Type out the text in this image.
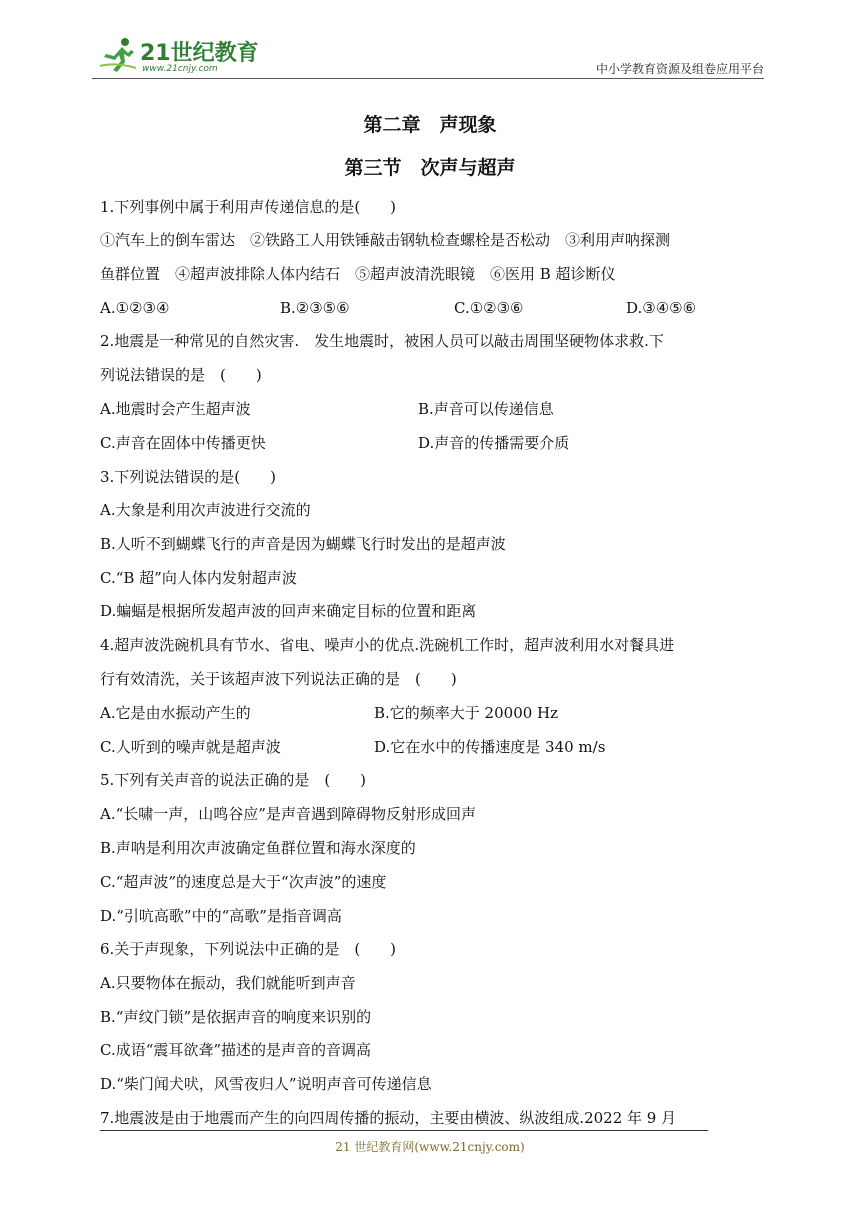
21世纪教育
www.21cnjy.com	中小学教育资源及组卷应用平台
第二章　声现象
第三节　次声与超声
1.下列事例中属于利用声传递信息的是(　　)
①汽车上的倒车雷达　②铁路工人用铁锤敲击钢轨检查螺栓是否松动　③利用声呐探测
鱼群位置　④超声波排除人体内结石　⑤超声波清洗眼镜　⑥医用 B 超诊断仪
A.①②③④	B.②③⑤⑥	C.①②③⑥	D.③④⑤⑥
2.地震是一种常见的自然灾害.　发生地震时，被困人员可以敲击周围坚硬物体求救.下
列说法错误的是　(　　)
A.地震时会产生超声波	B.声音可以传递信息
C.声音在固体中传播更快	D.声音的传播需要介质
3.下列说法错误的是(　　)
A.大象是利用次声波进行交流的
B.人听不到蝴蝶飞行的声音是因为蝴蝶飞行时发出的是超声波
C.“B 超”向人体内发射超声波
D.蝙蝠是根据所发超声波的回声来确定目标的位置和距离
4.超声波洗碗机具有节水、省电、噪声小的优点.洗碗机工作时，超声波利用水对餐具进
行有效清洗，关于该超声波下列说法正确的是　(　　)
A.它是由水振动产生的	B.它的频率大于 20000 Hz
C.人听到的噪声就是超声波	D.它在水中的传播速度是 340 m/s
5.下列有关声音的说法正确的是　(　　)
A.“长啸一声，山鸣谷应”是声音遇到障碍物反射形成回声
B.声呐是利用次声波确定鱼群位置和海水深度的
C.“超声波”的速度总是大于“次声波”的速度
D.“引吭高歌”中的“高歌”是指音调高
6.关于声现象，下列说法中正确的是　(　　)
A.只要物体在振动，我们就能听到声音
B.“声纹门锁”是依据声音的响度来识别的
C.成语“震耳欲聋”描述的是声音的音调高
D.“柴门闻犬吠，风雪夜归人”说明声音可传递信息
7.地震波是由于地震而产生的向四周传播的振动，主要由横波、纵波组成.2022 年 9 月
21 世纪教育网(www.21cnjy.com)
